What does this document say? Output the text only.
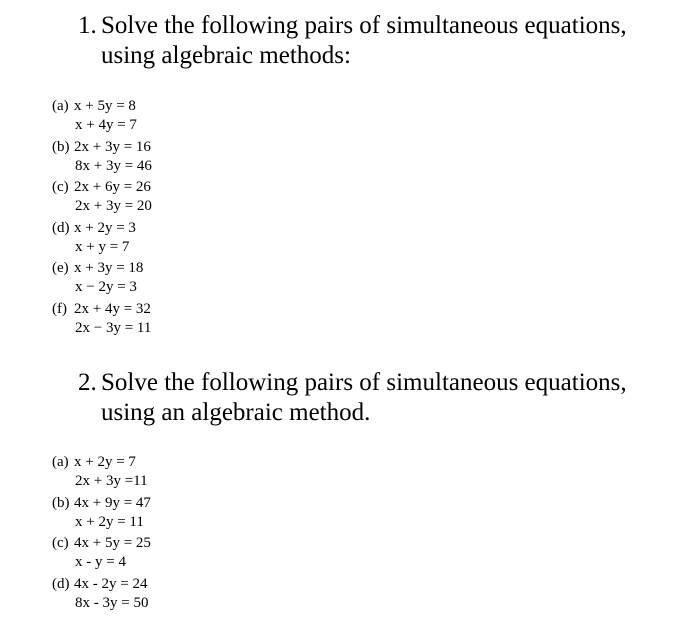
1. Solve the following pairs of simultaneous equations,
using algebraic methods:
(a) x + 5y = 8
x + 4y = 7
(b) 2x + 3y = 16
8x + 3y = 46
(c) 2x + 6y = 26
2x + 3y = 20
(d) x + 2y = 3
x + y = 7
(e) x + 3y = 18
x − 2y = 3
(f) 2x + 4y = 32
2x − 3y = 11
2. Solve the following pairs of simultaneous equations,
using an algebraic method.
(a) x + 2y = 7
2x + 3y =11
(b) 4x + 9y = 47
x + 2y = 11
(c) 4x + 5y = 25
x - y = 4
(d) 4x - 2y = 24
8x - 3y = 50
